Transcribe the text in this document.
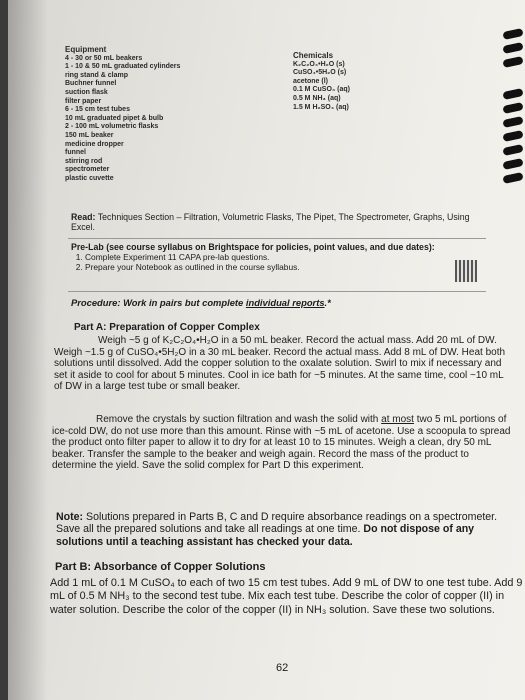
Equipment
4 - 30 or 50 mL beakers
1 - 10 & 50 mL graduated cylinders
ring stand & clamp
Buchner funnel
suction flask
filter paper
6 - 15 cm test tubes
10 mL graduated pipet & bulb
2 - 100 mL volumetric flasks
150 mL beaker
medicine dropper
funnel
stirring rod
spectrometer
plastic cuvette
Chemicals
K₂C₂O₄•H₂O (s)
CuSO₄•5H₂O (s)
acetone (l)
0.1 M CuSO₄ (aq)
0.5 M NH₃ (aq)
1.5 M H₂SO₄ (aq)
Read: Techniques Section – Filtration, Volumetric Flasks, The Pipet, The Spectrometer, Graphs, Using Excel.
Pre-Lab (see course syllabus on Brightspace for policies, point values, and due dates):
1. Complete Experiment 11 CAPA pre-lab questions.
2. Prepare your Notebook as outlined in the course syllabus.
Procedure: Work in pairs but complete individual reports.*
Part A: Preparation of Copper Complex
Weigh ~5 g of K₂C₂O₄•H₂O in a 50 mL beaker. Record the actual mass. Add 20 mL of DW. Weigh ~1.5 g of CuSO₄•5H₂O in a 30 mL beaker. Record the actual mass. Add 8 mL of DW. Heat both solutions until dissolved. Add the copper solution to the oxalate solution. Swirl to mix if necessary and set it aside to cool for about 5 minutes. Cool in ice bath for ~5 minutes. At the same time, cool ~10 mL of DW in a large test tube or small beaker.
Remove the crystals by suction filtration and wash the solid with at most two 5 mL portions of ice-cold DW, do not use more than this amount. Rinse with ~5 mL of acetone. Use a scoopula to spread the product onto filter paper to allow it to dry for at least 10 to 15 minutes. Weigh a clean, dry 50 mL beaker. Transfer the sample to the beaker and weigh again. Record the mass of the product to determine the yield. Save the solid complex for Part D this experiment.
Note: Solutions prepared in Parts B, C and D require absorbance readings on a spectrometer. Save all the prepared solutions and take all readings at one time. Do not dispose of any solutions until a teaching assistant has checked your data.
Part B: Absorbance of Copper Solutions
Add 1 mL of 0.1 M CuSO₄ to each of two 15 cm test tubes. Add 9 mL of DW to one test tube. Add 9 mL of 0.5 M NH₃ to the second test tube. Mix each test tube. Describe the color of copper (II) in water solution. Describe the color of the copper (II) in NH₃ solution. Save these two solutions.
62
